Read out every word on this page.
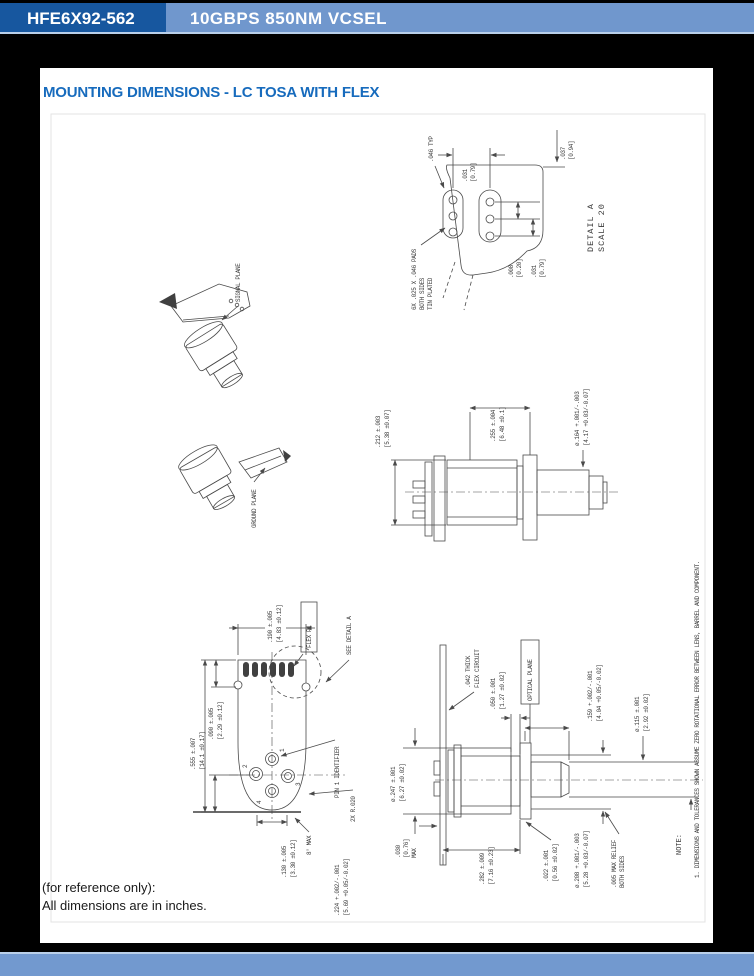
HFE6X92-562	10GBPS 850NM VCSEL
MOUNTING DIMENSIONS - LC TOSA WITH FLEX
.031 [0.79]
.046 TYP	.037 [0.94]
.008 [0.20] .031 [0.79]
6X .025 X .046 PADS BOTH SIDES TIN PLATED
DETAIL A SCALE 20
SIGNAL PLANE
GROUND PLANE
.212 ±.003 [5.38 ±0.07]	.255 ±.004 [6.48 ±0.1]	ø.164 +.001/-.003 [4.17 +0.03/-0.07]
1
2
3
4
.190 ±.005 [4.83 ±0.12]	FLEX P1	SEE DETAIL A
.555 ±.007 [14.1 ±0.17]
.090 ±.005 [2.29 ±0.12]
.130 ±.005 [3.30 ±0.12] 8° MAX
.224 +.002/-.001 [5.69 +0.05/-0.02]
PIN 1 IDENTIFIER
2X R.020
ø.247 ±.001 [6.27 ±0.02]
ø.115 ±.001 [2.92 ±0.02]
OPTICAL PLANE	.159 +.002/-.001 [4.04 +0.05/-0.02]
.050 ±.001 [1.27 ±0.02]
.042 THICK FLEX CIRCUIT
.030 [0.76] MAX	.282 ±.009 [7.16 ±0.23]	.022 ±.001 [0.56 ±0.02]	ø.208 +.001/-.003 [5.28 +0.03/-0.07]	.005 MAX RELIEF BOTH SIDES
NOTE: 1. DIMENSIONS AND TOLERANCES SHOWN ASSUME ZERO ROTATIONAL ERROR BETWEEN LENS, BARREL AND COMPONENT.
(for reference only):
All dimensions are in inches.
